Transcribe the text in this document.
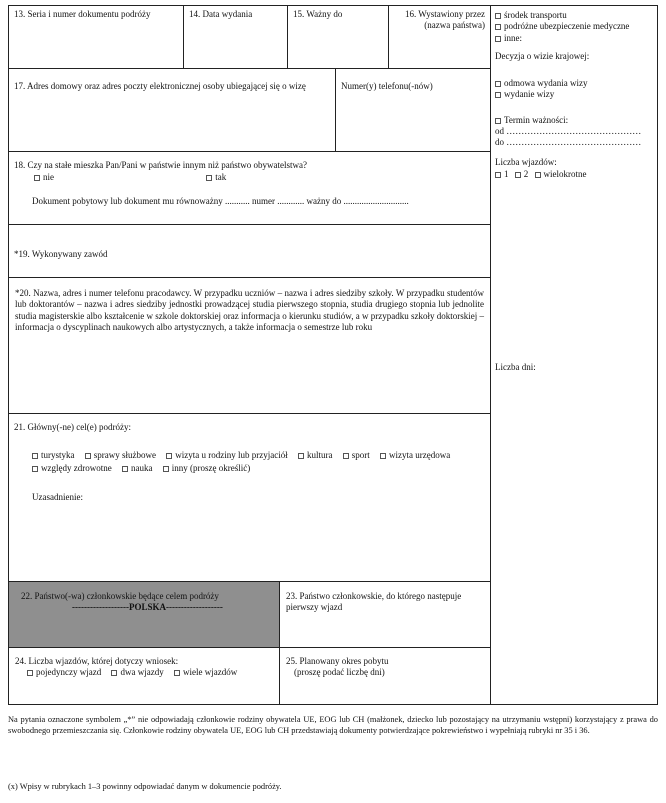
13. Seria i numer dokumentu podróży	14. Data wydania	15. Ważny do	16. Wystawiony przez (nazwa państwa)
17. Adres domowy oraz adres poczty elektronicznej osoby ubiegającej się o wizę	Numer(y) telefonu(-nów)
18. Czy na stałe mieszka Pan/Pani w państwie innym niż państwo obywatelstwa?
nie	tak
Dokument pobytowy lub dokument mu równoważny ........... numer ............ ważny do .............................
*19. Wykonywany zawód
*20. Nazwa, adres i numer telefonu pracodawcy. W przypadku uczniów – nazwa i adres siedziby szkoły. W przypadku studentów lub doktorantów – nazwa i adres siedziby jednostki prowadzącej studia pierwszego stopnia, studia drugiego stopnia lub jednolite studia magisterskie albo kształcenie w szkole doktorskiej oraz informacja o kierunku studiów, a w przypadku szkoły doktorskiej – informacja o dyscyplinach naukowych albo artystycznych, a także informacja o semestrze lub roku
21. Główny(-ne) cel(e) podróży:
turystyka sprawy służbowe wizyta u rodziny lub przyjaciół kultura sport wizyta urzędowa
względy zdrowotne nauka inny (proszę określić)
Uzasadnienie:
22. Państwo(-wa) członkowskie będące celem podróży
-------------------POLSKA-------------------
23. Państwo członkowskie, do którego następuje pierwszy wjazd
24. Liczba wjazdów, której dotyczy wniosek:
pojedynczy wjazd dwa wjazdy wiele wjazdów
25. Planowany okres pobytu
(proszę podać liczbę dni)
środek transportu
podróżne ubezpieczenie medyczne
inne:
Decyzja o wizie krajowej:
odmowa wydania wizy
wydanie wizy
Termin ważności:
od ………………………………………
do ………………………………………
Liczba wjazdów:
1 2 wielokrotne
Liczba dni:
Na pytania oznaczone symbolem „*” nie odpowiadają członkowie rodziny obywatela UE, EOG lub CH (małżonek, dziecko lub pozostający na utrzymaniu wstępni) korzystający z prawa do swobodnego przemieszczania się. Członkowie rodziny obywatela UE, EOG lub CH przedstawiają dokumenty potwierdzające pokrewieństwo i wypełniają rubryki nr 35 i 36.
(x) Wpisy w rubrykach 1–3 powinny odpowiadać danym w dokumencie podróży.
